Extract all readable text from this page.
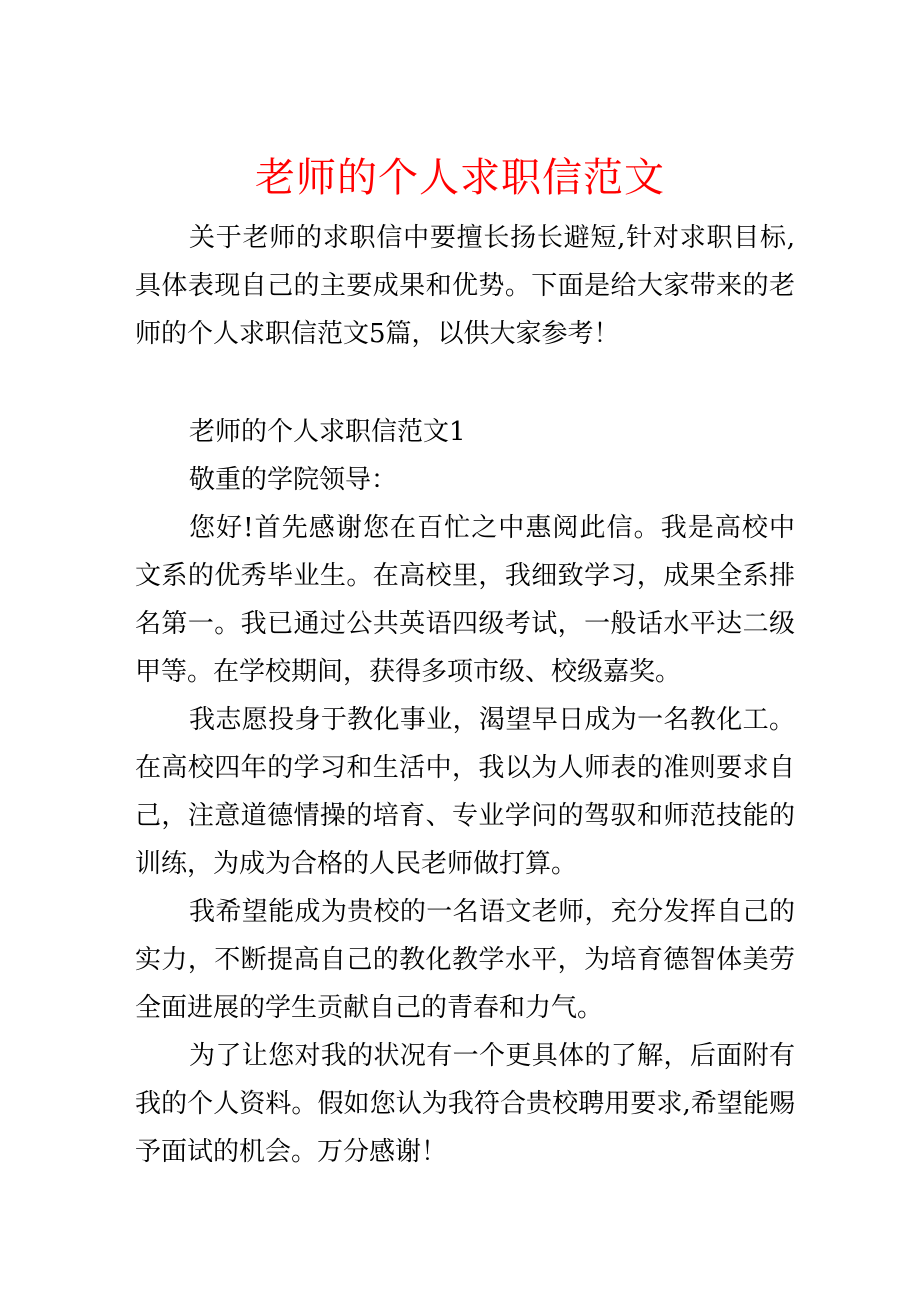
老师的个人求职信范文

关于老师的求职信中要擅长扬长避短,针对求职目标,具体表现自己的主要成果和优势。下面是给大家带来的老师的个人求职信范文5篇，以供大家参考！

老师的个人求职信范文1

敬重的学院领导：

您好!首先感谢您在百忙之中惠阅此信。我是高校中文系的优秀毕业生。在高校里，我细致学习，成果全系排名第一。我已通过公共英语四级考试，一般话水平达二级甲等。在学校期间，获得多项市级、校级嘉奖。

我志愿投身于教化事业，渴望早日成为一名教化工。在高校四年的学习和生活中，我以为人师表的准则要求自己，注意道德情操的培育、专业学问的驾驭和师范技能的训练，为成为合格的人民老师做打算。

我希望能成为贵校的一名语文老师，充分发挥自己的实力，不断提高自己的教化教学水平，为培育德智体美劳全面进展的学生贡献自己的青春和力气。

为了让您对我的状况有一个更具体的了解，后面附有我的个人资料。假如您认为我符合贵校聘用要求,希望能赐予面试的机会。万分感谢！
